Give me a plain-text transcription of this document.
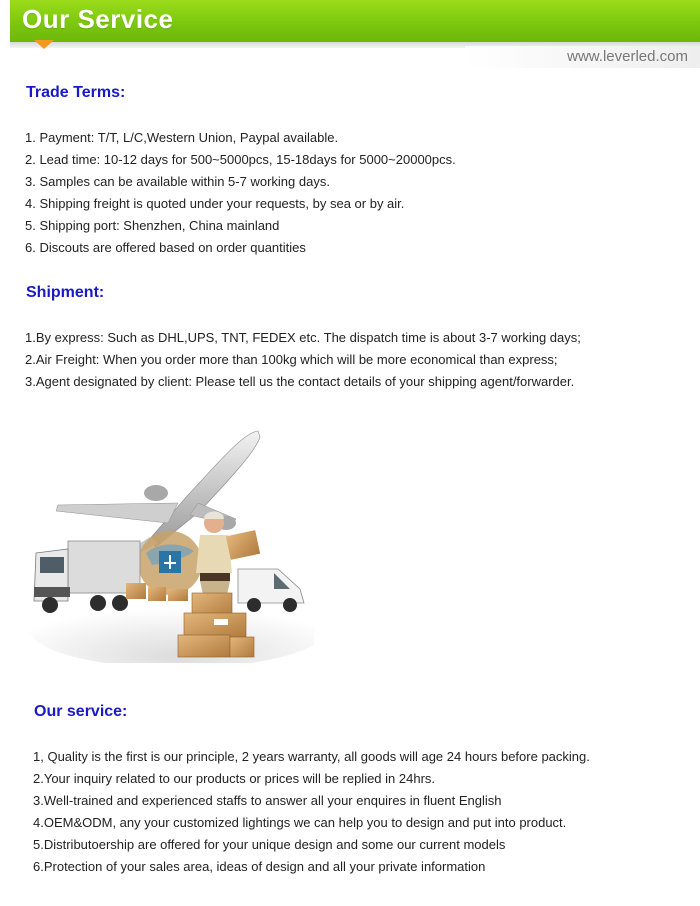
Our Service
www.leverled.com
Trade Terms:
1. Payment: T/T, L/C,Western Union, Paypal available.
2. Lead time: 10-12 days for 500~5000pcs, 15-18days for 5000~20000pcs.
3. Samples can be available within 5-7 working days.
4. Shipping freight is quoted under your requests, by sea or by air.
5. Shipping port: Shenzhen, China mainland
6. Discouts are offered based on order quantities
Shipment:
1.By express: Such as DHL,UPS, TNT, FEDEX etc. The dispatch time is about 3-7 working days;
2.Air Freight: When you order more than 100kg which will be more economical than express;
3.Agent designated by client: Please tell us the contact details of your shipping agent/forwarder.
Our service:
1, Quality is the first is our principle, 2 years warranty, all goods will age 24 hours before packing.
2.Your inquiry related to our products or prices will be replied in 24hrs.
3.Well-trained and experienced staffs to answer all your enquires in fluent English
4.OEM&ODM, any your customized lightings we can help you to design and put into product.
5.Distributoership are offered for your unique design and some our current models
6.Protection of your sales area, ideas of design and all your private information
